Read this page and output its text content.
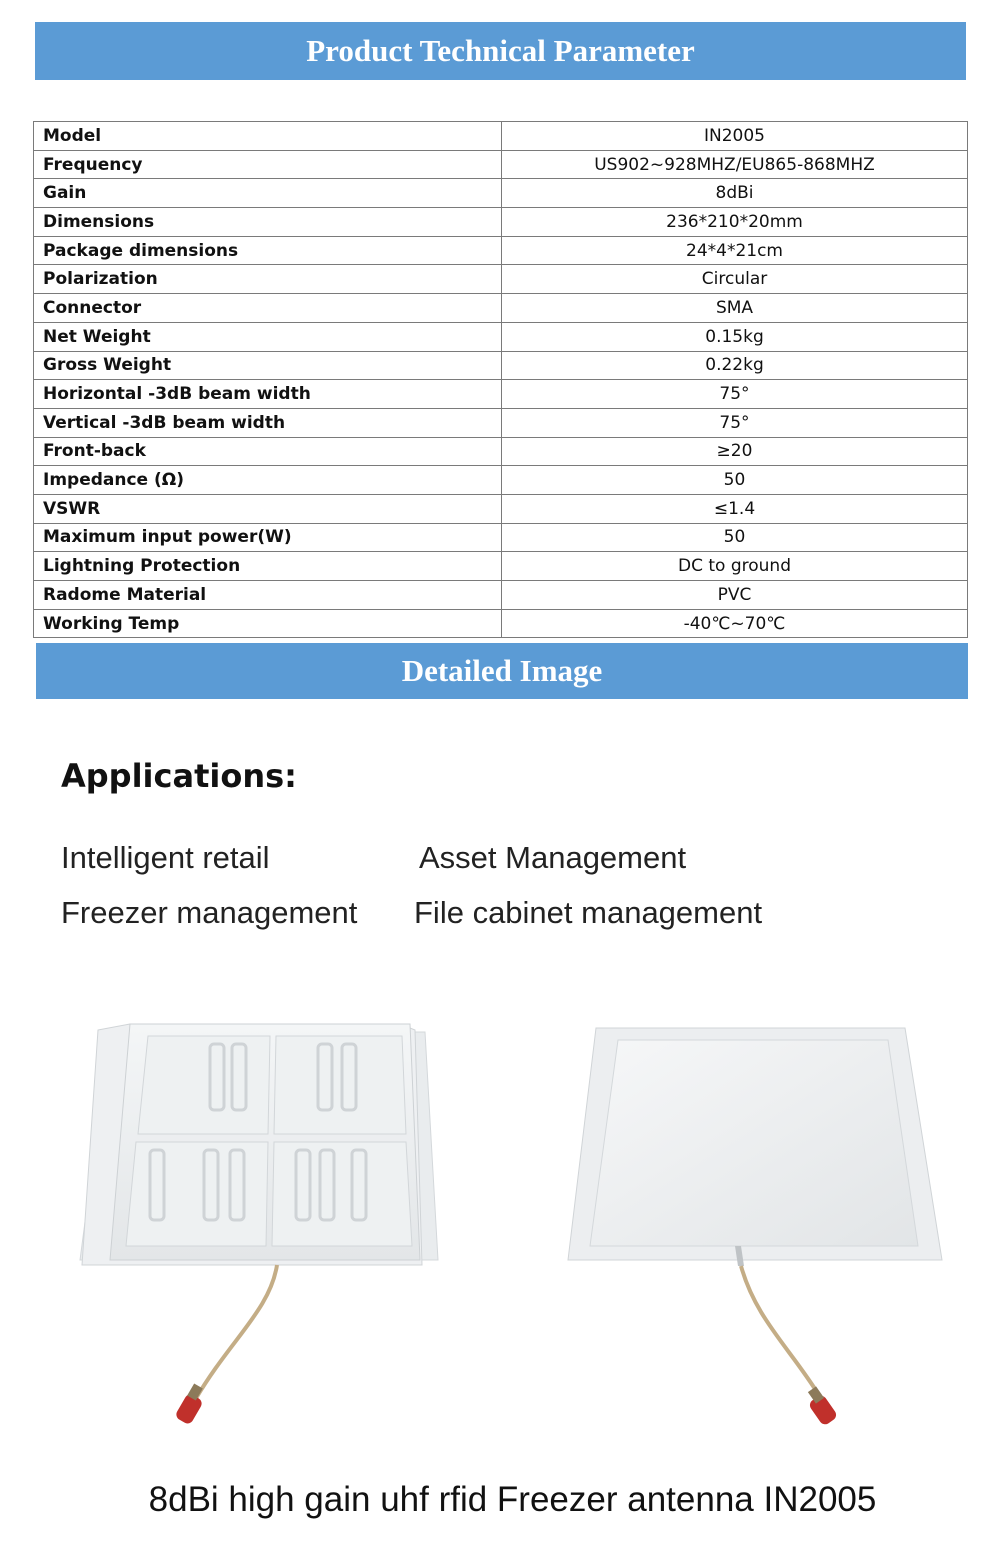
Product Technical Parameter
Model	IN2005
Frequency	US902~928MHZ/EU865-868MHZ
Gain	8dBi
Dimensions	236*210*20mm
Package dimensions	24*4*21cm
Polarization	Circular
Connector	SMA
Net Weight	0.15kg
Gross Weight	0.22kg
Horizontal -3dB beam width	75°
Vertical -3dB beam width	75°
Front-back	≥20
Impedance (Ω)	50
VSWR	≤1.4
Maximum input power(W)	50
Lightning Protection	DC to ground
Radome Material	PVC
Working Temp	-40℃~70℃
Detailed Image
Applications:
Intelligent retail	Asset Management
Freezer management File cabinet management
8dBi high gain uhf rfid Freezer antenna IN2005
